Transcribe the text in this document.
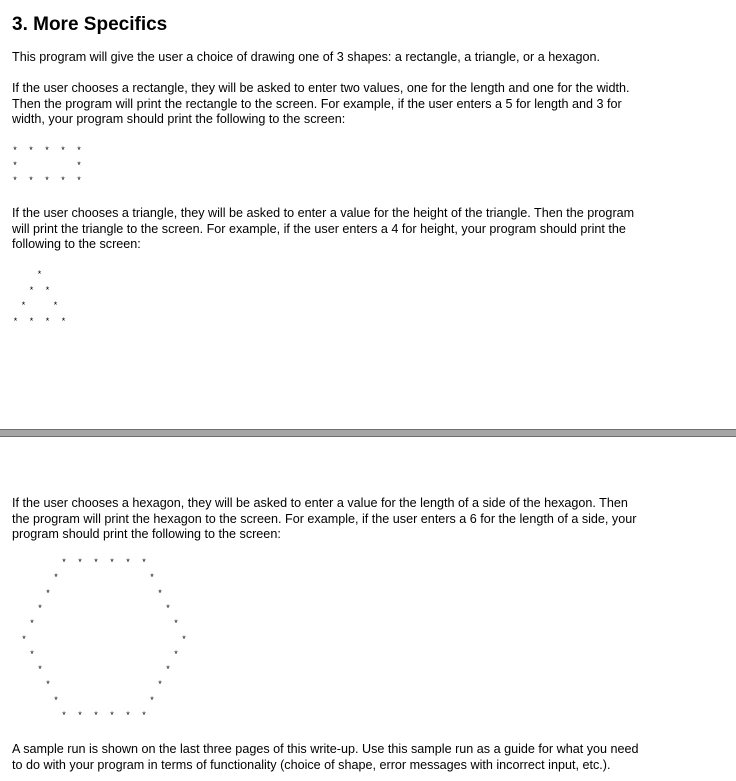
3. More Specifics
This program will give the user a choice of drawing one of 3 shapes: a rectangle, a triangle, or a hexagon.
If the user chooses a rectangle, they will be asked to enter two values, one for the length and one for the width.
Then the program will print the rectangle to the screen. For example, if the user enters a 5 for length and 3 for
width, your program should print the following to the screen:
* * * * *
*	*
* * * * *
If the user chooses a triangle, they will be asked to enter a value for the height of the triangle. Then the program
will print the triangle to the screen. For example, if the user enters a 4 for height, your program should print the
following to the screen:
*
* *
*	*
* * * *
If the user chooses a hexagon, they will be asked to enter a value for the length of a side of the hexagon. Then
the program will print the hexagon to the screen. For example, if the user enters a 6 for the length of a side, your
program should print the following to the screen:
* * * * * *
*	*
*	*
*	*
*	*
*	*
*	*
*	*
*	*
*	*
* * * * * *
A sample run is shown on the last three pages of this write-up. Use this sample run as a guide for what you need
to do with your program in terms of functionality (choice of shape, error messages with incorrect input, etc.).
